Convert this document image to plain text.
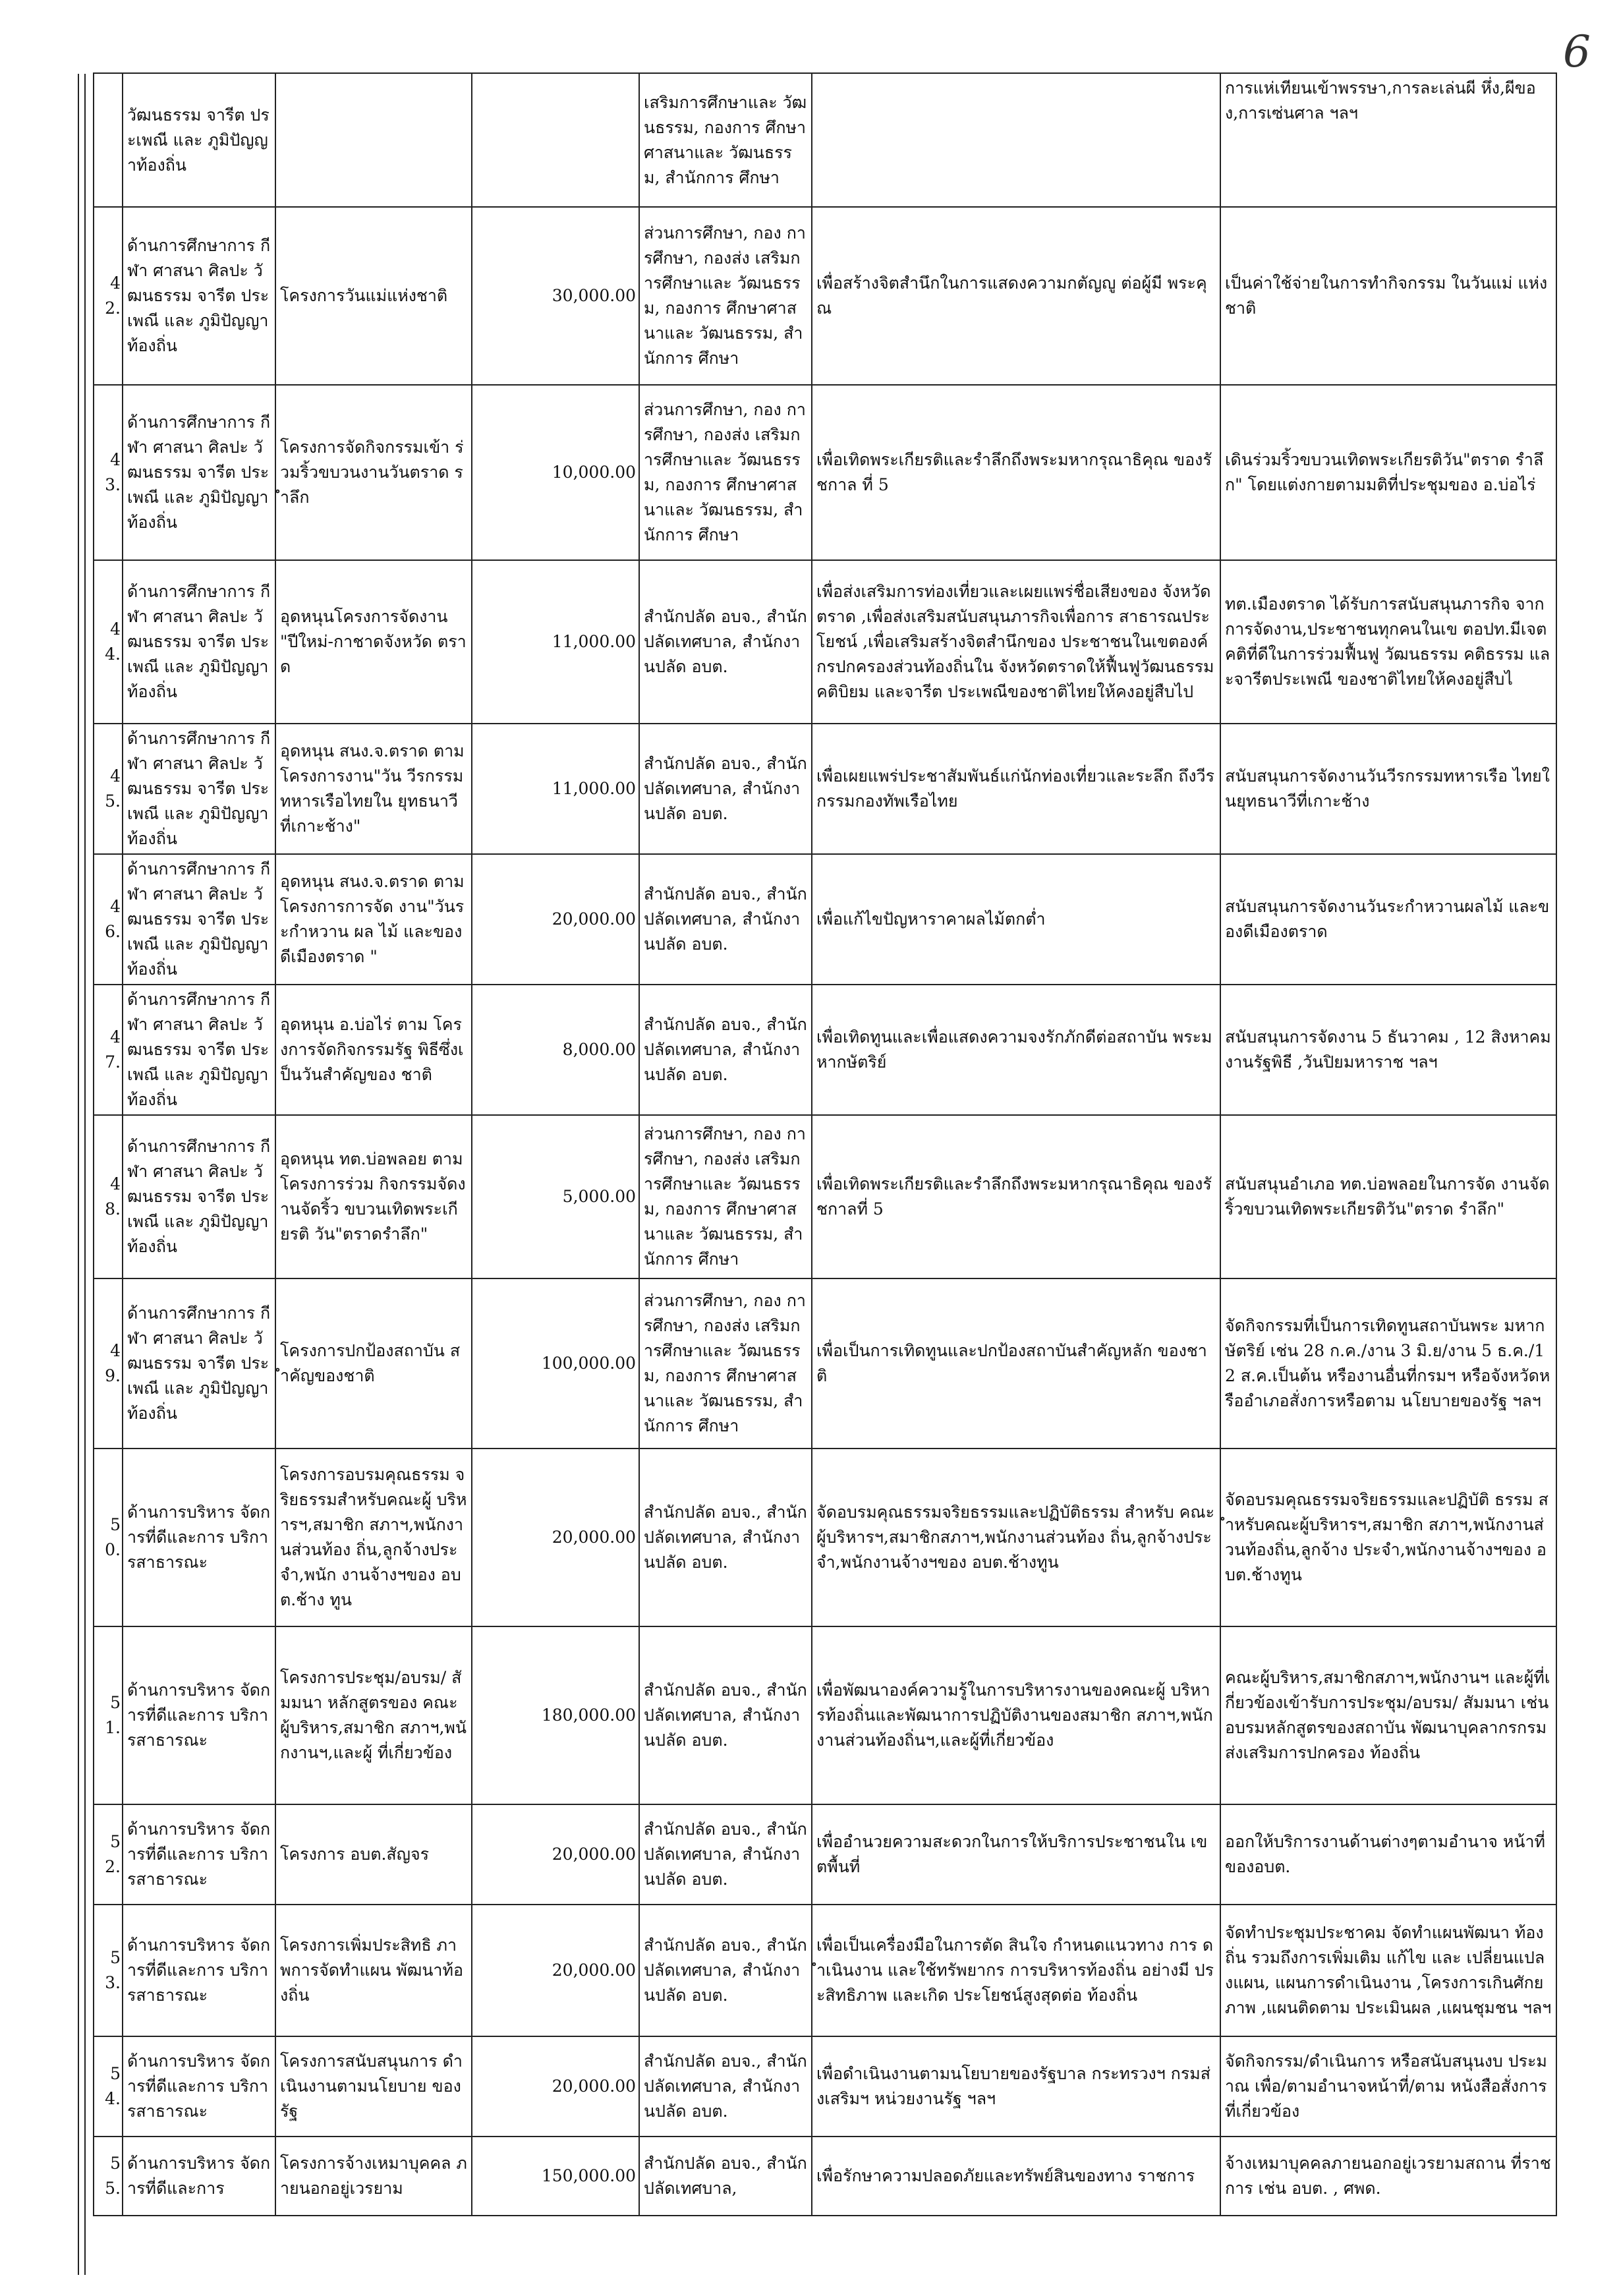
6
	วัฒนธรรม จารีต ประเพณี และ ภูมิปัญญาท้องถิ่น			เสริมการศึกษาและ วัฒนธรรม, กองการ ศึกษาศาสนาและ วัฒนธรรม, สำนักการ ศึกษา		การแห่เทียนเข้าพรรษา,การละเล่นผี หึ่ง,ผีของ,การเซ่นศาล ฯลฯ
42.	ด้านการศึกษาการ กีฬา ศาสนา ศิลปะ วัฒนธรรม จารีต ประเพณี และ ภูมิปัญญาท้องถิ่น	โครงการวันแม่แห่งชาติ	30,000.00	ส่วนการศึกษา, กอง การศึกษา, กองส่ง เสริมการศึกษาและ วัฒนธรรม, กองการ ศึกษาศาสนาและ วัฒนธรรม, สำนักการ ศึกษา	เพื่อสร้างจิตสำนึกในการแสดงความกตัญญู ต่อผู้มี พระคุณ	เป็นค่าใช้จ่ายในการทำกิจกรรม ในวันแม่ แห่งชาติ
43.	ด้านการศึกษาการ กีฬา ศาสนา ศิลปะ วัฒนธรรม จารีต ประเพณี และ ภูมิปัญญาท้องถิ่น	โครงการจัดกิจกรรมเข้า ร่วมริ้วขบวนงานวันตราด รำลึก	10,000.00	ส่วนการศึกษา, กอง การศึกษา, กองส่ง เสริมการศึกษาและ วัฒนธรรม, กองการ ศึกษาศาสนาและ วัฒนธรรม, สำนักการ ศึกษา	เพื่อเทิดพระเกียรติและรำลึกถึงพระมหากรุณาธิคุณ ของรัชกาล ที่ 5	เดินร่วมริ้วขบวนเทิดพระเกียรติวัน"ตราด รำลึก" โดยแต่งกายตามมติที่ประชุมของ อ.บ่อไร่
44.	ด้านการศึกษาการ กีฬา ศาสนา ศิลปะ วัฒนธรรม จารีต ประเพณี และ ภูมิปัญญาท้องถิ่น	อุดหนุนโครงการจัดงาน "ปีใหม่-กาชาดจังหวัด ตราด	11,000.00	สำนักปลัด อบจ., สำนักปลัดเทศบาล, สำนักงานปลัด อบต.	เพื่อส่งเสริมการท่องเที่ยวและเผยแพร่ชื่อเสียงของ จังหวัดตราด ,เพื่อส่งเสริมสนับสนุนภารกิจเพื่อการ สาธารณประโยชน์ ,เพื่อเสริมสร้างจิตสำนึกของ ประชาชนในเขตองค์กรปกครองส่วนท้องถิ่นใน จังหวัดตราดให้ฟื้นฟูวัฒนธรรม คติบิยม และจารีต ประเพณีของชาติไทยให้คงอยู่สืบไป	ทต.เมืองตราด ได้รับการสนับสนุนภารกิจ จากการจัดงาน,ประชาชนทุกคนในเข ตอปท.มีเจตคติที่ดีในการร่วมฟื้นฟู วัฒนธรรม คติธรรม และจารีตประเพณี ของชาติไทยให้คงอยู่สืบไ
45.	ด้านการศึกษาการ กีฬา ศาสนา ศิลปะ วัฒนธรรม จารีต ประเพณี และ ภูมิปัญญาท้องถิ่น	อุดหนุน สนง.จ.ตราด ตามโครงการงาน"วัน วีรกรรมทหารเรือไทยใน ยุทธนาวีที่เกาะช้าง"	11,000.00	สำนักปลัด อบจ., สำนักปลัดเทศบาล, สำนักงานปลัด อบต.	เพื่อเผยแพร่ประชาสัมพันธ์แก่นักท่องเที่ยวและระลึก ถึงวีรกรรมกองทัพเรือไทย	สนับสนุนการจัดงานวันวีรกรรมทหารเรือ ไทยในยุทธนาวีที่เกาะช้าง
46.	ด้านการศึกษาการ กีฬา ศาสนา ศิลปะ วัฒนธรรม จารีต ประเพณี และ ภูมิปัญญาท้องถิ่น	อุดหนุน สนง.จ.ตราด ตามโครงการการจัด งาน"วันระกำหวาน ผล ไม้ และของดีเมืองตราด "	20,000.00	สำนักปลัด อบจ., สำนักปลัดเทศบาล, สำนักงานปลัด อบต.	เพื่อแก้ไขปัญหาราคาผลไม้ตกต่ำ	สนับสนุนการจัดงานวันระกำหวานผลไม้ และของดีเมืองตราด
47.	ด้านการศึกษาการ กีฬา ศาสนา ศิลปะ วัฒนธรรม จารีต ประเพณี และ ภูมิปัญญาท้องถิ่น	อุดหนุน อ.บ่อไร่ ตาม โครงการจัดกิจกรรมรัฐ พิธีซึ่งเป็นวันสำคัญของ ชาติ	8,000.00	สำนักปลัด อบจ., สำนักปลัดเทศบาล, สำนักงานปลัด อบต.	เพื่อเทิดทูนและเพื่อแสดงความจงรักภักดีต่อสถาบัน พระมหากษัตริย์	สนับสนุนการจัดงาน 5 ธันวาคม , 12 สิงหาคม งานรัฐพิธี ,วันปิยมหาราช ฯลฯ
48.	ด้านการศึกษาการ กีฬา ศาสนา ศิลปะ วัฒนธรรม จารีต ประเพณี และ ภูมิปัญญาท้องถิ่น	อุดหนุน ทต.บ่อพลอย ตามโครงการร่วม กิจกรรมจัดงานจัดริ้ว ขบวนเทิดพระเกียรติ วัน"ตราดรำลึก"	5,000.00	ส่วนการศึกษา, กอง การศึกษา, กองส่ง เสริมการศึกษาและ วัฒนธรรม, กองการ ศึกษาศาสนาและ วัฒนธรรม, สำนักการ ศึกษา	เพื่อเทิดพระเกียรติและรำลึกถึงพระมหากรุณาธิคุณ ของรัชกาลที่ 5	สนับสนุนอำเภอ ทต.บ่อพลอยในการจัด งานจัดริ้วขบวนเทิดพระเกียรติวัน"ตราด รำลึก"
49.	ด้านการศึกษาการ กีฬา ศาสนา ศิลปะ วัฒนธรรม จารีต ประเพณี และ ภูมิปัญญาท้องถิ่น	โครงการปกป้องสถาบัน สำคัญของชาติ	100,000.00	ส่วนการศึกษา, กอง การศึกษา, กองส่ง เสริมการศึกษาและ วัฒนธรรม, กองการ ศึกษาศาสนาและ วัฒนธรรม, สำนักการ ศึกษา	เพื่อเป็นการเทิดทูนและปกป้องสถาบันสำคัญหลัก ของชาติ	จัดกิจกรรมที่เป็นการเทิดทูนสถาบันพระ มหากษัตริย์ เช่น 28 ก.ค./งาน 3 มิ.ย/งาน 5 ธ.ค./12 ส.ค.เป็นต้น หรืองานอื่นที่กรมฯ หรือจังหวัดหรืออำเภอสั่งการหรือตาม นโยบายของรัฐ ฯลฯ
50.	ด้านการบริหาร จัดการที่ดีและการ บริการสาธารณะ	โครงการอบรมคุณธรรม จริยธรรมสำหรับคณะผู้ บริหารฯ,สมาชิก สภาฯ,พนักงานส่วนท้อง ถิ่น,ลูกจ้างประจำ,พนัก งานจ้างฯของ อบต.ช้าง ทูน	20,000.00	สำนักปลัด อบจ., สำนักปลัดเทศบาล, สำนักงานปลัด อบต.	จัดอบรมคุณธรรมจริยธรรมและปฏิบัติธรรม สำหรับ คณะผู้บริหารฯ,สมาชิกสภาฯ,พนักงานส่วนท้อง ถิ่น,ลูกจ้างประจำ,พนักงานจ้างฯของ อบต.ช้างทูน	จัดอบรมคุณธรรมจริยธรรมและปฏิบัติ ธรรม สำหรับคณะผู้บริหารฯ,สมาชิก สภาฯ,พนักงานส่วนท้องถิ่น,ลูกจ้าง ประจำ,พนักงานจ้างฯของ อบต.ช้างทูน
51.	ด้านการบริหาร จัดการที่ดีและการ บริการสาธารณะ	โครงการประชุม/อบรม/ สัมมนา หลักสูตรของ คณะผู้บริหาร,สมาชิก สภาฯ,พนักงานฯ,และผู้ ที่เกี่ยวข้อง	180,000.00	สำนักปลัด อบจ., สำนักปลัดเทศบาล, สำนักงานปลัด อบต.	เพื่อพัฒนาองค์ความรู้ในการบริหารงานของคณะผู้ บริหารท้องถิ่นและพัฒนาการปฏิบัติงานของสมาชิก สภาฯ,พนักงานส่วนท้องถิ่นฯ,และผู้ที่เกี่ยวข้อง	คณะผู้บริหาร,สมาชิกสภาฯ,พนักงานฯ และผู้ที่เกี่ยวข้องเข้ารับการประชุม/อบรม/ สัมมนา เช่น อบรมหลักสูตรของสถาบัน พัฒนาบุคลากรกรมส่งเสริมการปกครอง ท้องถิ่น
52.	ด้านการบริหาร จัดการที่ดีและการ บริการสาธารณะ	โครงการ อบต.สัญจร	20,000.00	สำนักปลัด อบจ., สำนักปลัดเทศบาล, สำนักงานปลัด อบต.	เพื่ออำนวยความสะดวกในการให้บริการประชาชนใน เขตพื้นที่	ออกให้บริการงานด้านต่างๆตามอำนาจ หน้าที่ของอบต.
53.	ด้านการบริหาร จัดการที่ดีและการ บริการสาธารณะ	โครงการเพิ่มประสิทธิ ภาพการจัดทำแผน พัฒนาท้องถิ่น	20,000.00	สำนักปลัด อบจ., สำนักปลัดเทศบาล, สำนักงานปลัด อบต.	เพื่อเป็นเครื่องมือในการตัด สินใจ กำหนดแนวทาง การ ดำเนินงาน และใช้ทรัพยากร การบริหารท้องถิ่น อย่างมี ประสิทธิภาพ และเกิด ประโยชน์สูงสุดต่อ ท้องถิ่น	จัดทำประชุมประชาคม จัดทำแผนพัฒนา ท้องถิ่น รวมถึงการเพิ่มเติม แก้ไข และ เปลี่ยนแปลงแผน, แผนการดำเนินงาน ,โครงการเกินศักยภาพ ,แผนติดตาม ประเมินผล ,แผนชุมชน ฯลฯ
54.	ด้านการบริหาร จัดการที่ดีและการ บริการสาธารณะ	โครงการสนับสนุนการ ดำเนินงานตามนโยบาย ของรัฐ	20,000.00	สำนักปลัด อบจ., สำนักปลัดเทศบาล, สำนักงานปลัด อบต.	เพื่อดำเนินงานตามนโยบายของรัฐบาล กระทรวงฯ กรมส่งเสริมฯ หน่วยงานรัฐ ฯลฯ	จัดกิจกรรม/ดำเนินการ หรือสนับสนุนงบ ประมาณ เพื่อ/ตามอำนาจหน้าที่/ตาม หนังสือสั่งการที่เกี่ยวข้อง
55.	ด้านการบริหาร จัดการที่ดีและการ	โครงการจ้างเหมาบุคคล ภายนอกอยู่เวรยาม	150,000.00	สำนักปลัด อบจ., สำนักปลัดเทศบาล,	เพื่อรักษาความปลอดภัยและทรัพย์สินของทาง ราชการ	จ้างเหมาบุคคลภายนอกอยู่เวรยามสถาน ที่ราชการ เช่น อบต. , ศพด.
